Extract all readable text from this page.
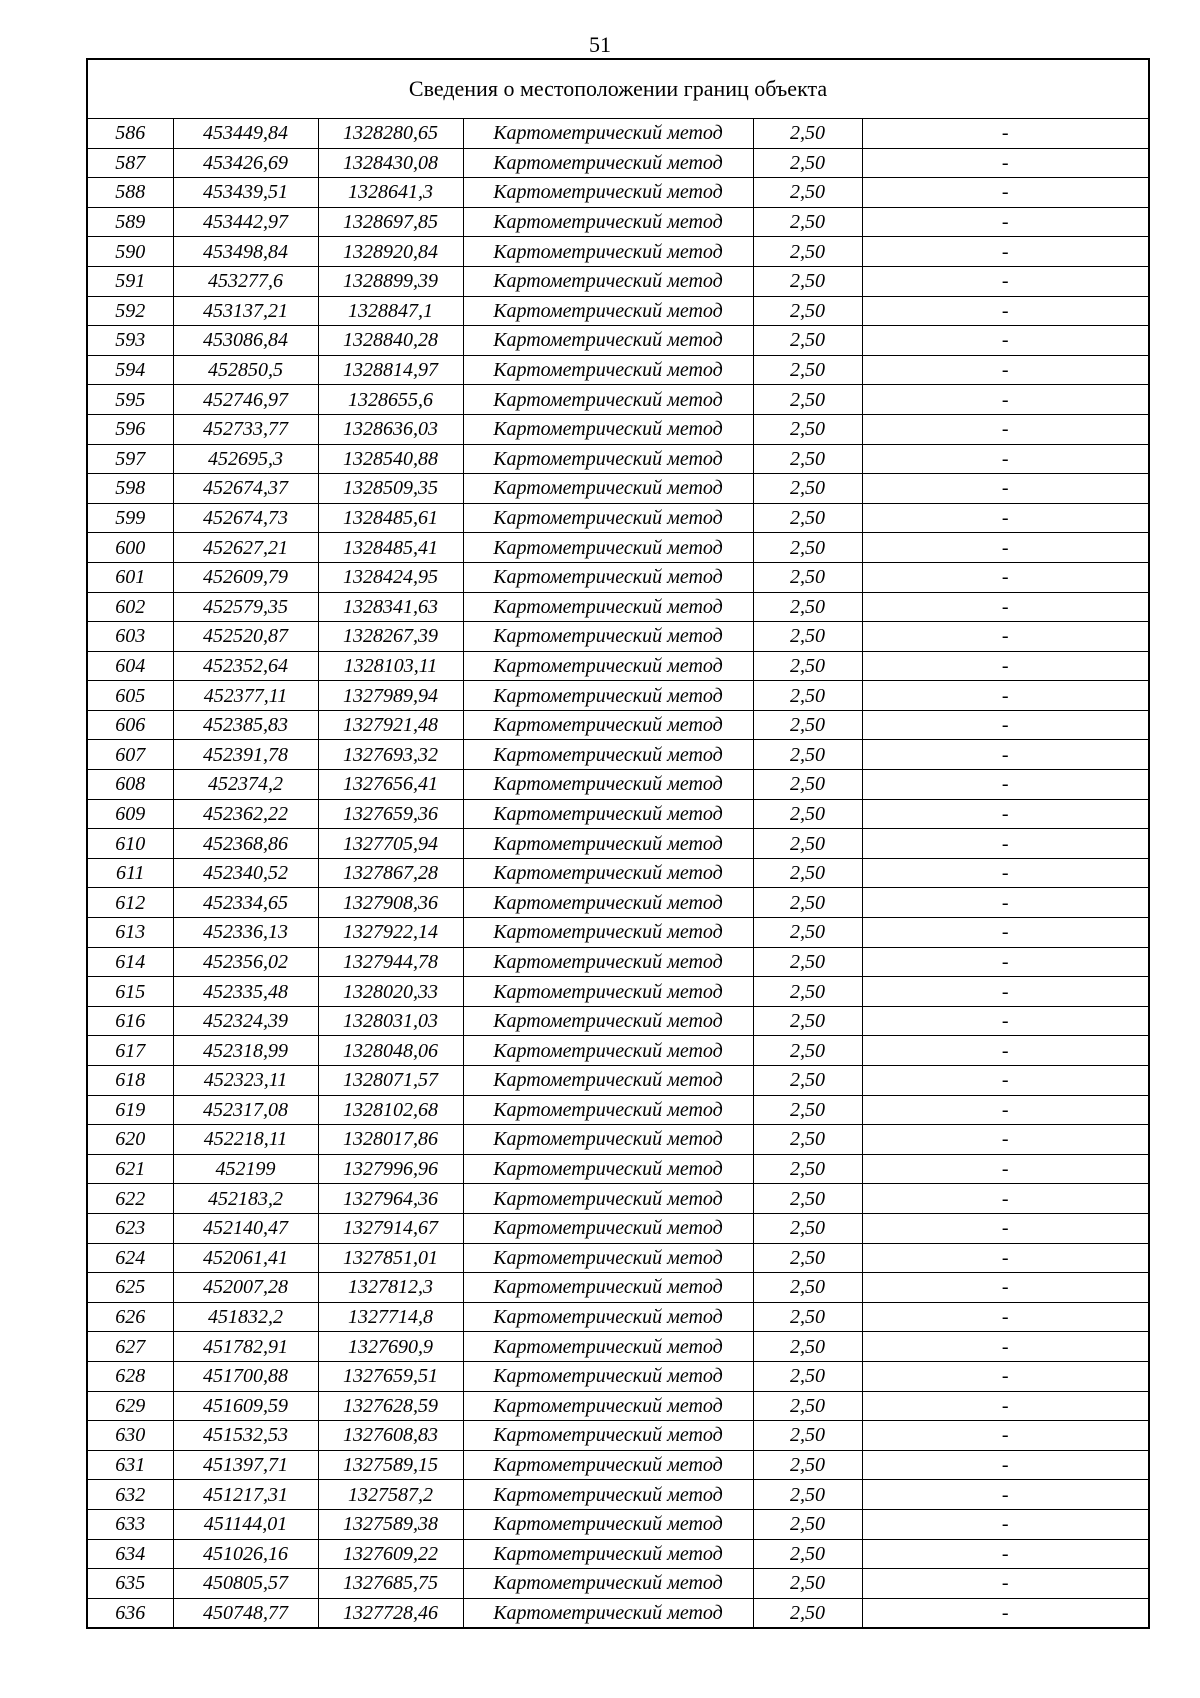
51
Сведения о местоположении границ объекта					
586	453449,84	1328280,65	Картометрический метод	2,50	-
587	453426,69	1328430,08	Картометрический метод	2,50	-
588	453439,51	1328641,3	Картометрический метод	2,50	-
589	453442,97	1328697,85	Картометрический метод	2,50	-
590	453498,84	1328920,84	Картометрический метод	2,50	-
591	453277,6	1328899,39	Картометрический метод	2,50	-
592	453137,21	1328847,1	Картометрический метод	2,50	-
593	453086,84	1328840,28	Картометрический метод	2,50	-
594	452850,5	1328814,97	Картометрический метод	2,50	-
595	452746,97	1328655,6	Картометрический метод	2,50	-
596	452733,77	1328636,03	Картометрический метод	2,50	-
597	452695,3	1328540,88	Картометрический метод	2,50	-
598	452674,37	1328509,35	Картометрический метод	2,50	-
599	452674,73	1328485,61	Картометрический метод	2,50	-
600	452627,21	1328485,41	Картометрический метод	2,50	-
601	452609,79	1328424,95	Картометрический метод	2,50	-
602	452579,35	1328341,63	Картометрический метод	2,50	-
603	452520,87	1328267,39	Картометрический метод	2,50	-
604	452352,64	1328103,11	Картометрический метод	2,50	-
605	452377,11	1327989,94	Картометрический метод	2,50	-
606	452385,83	1327921,48	Картометрический метод	2,50	-
607	452391,78	1327693,32	Картометрический метод	2,50	-
608	452374,2	1327656,41	Картометрический метод	2,50	-
609	452362,22	1327659,36	Картометрический метод	2,50	-
610	452368,86	1327705,94	Картометрический метод	2,50	-
611	452340,52	1327867,28	Картометрический метод	2,50	-
612	452334,65	1327908,36	Картометрический метод	2,50	-
613	452336,13	1327922,14	Картометрический метод	2,50	-
614	452356,02	1327944,78	Картометрический метод	2,50	-
615	452335,48	1328020,33	Картометрический метод	2,50	-
616	452324,39	1328031,03	Картометрический метод	2,50	-
617	452318,99	1328048,06	Картометрический метод	2,50	-
618	452323,11	1328071,57	Картометрический метод	2,50	-
619	452317,08	1328102,68	Картометрический метод	2,50	-
620	452218,11	1328017,86	Картометрический метод	2,50	-
621	452199	1327996,96	Картометрический метод	2,50	-
622	452183,2	1327964,36	Картометрический метод	2,50	-
623	452140,47	1327914,67	Картометрический метод	2,50	-
624	452061,41	1327851,01	Картометрический метод	2,50	-
625	452007,28	1327812,3	Картометрический метод	2,50	-
626	451832,2	1327714,8	Картометрический метод	2,50	-
627	451782,91	1327690,9	Картометрический метод	2,50	-
628	451700,88	1327659,51	Картометрический метод	2,50	-
629	451609,59	1327628,59	Картометрический метод	2,50	-
630	451532,53	1327608,83	Картометрический метод	2,50	-
631	451397,71	1327589,15	Картометрический метод	2,50	-
632	451217,31	1327587,2	Картометрический метод	2,50	-
633	451144,01	1327589,38	Картометрический метод	2,50	-
634	451026,16	1327609,22	Картометрический метод	2,50	-
635	450805,57	1327685,75	Картометрический метод	2,50	-
636	450748,77	1327728,46	Картометрический метод	2,50	-
